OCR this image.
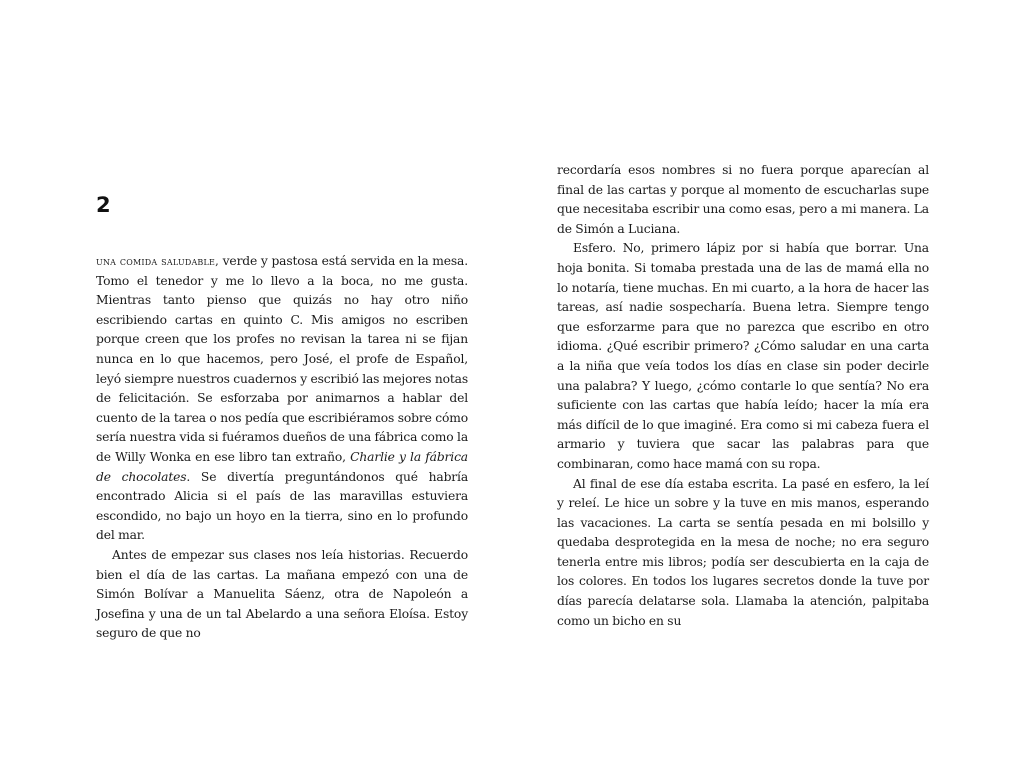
2

una comida saludable, verde y pastosa está servida en la mesa. Tomo el tenedor y me lo llevo a la boca, no me gusta. Mientras tanto pienso que quizás no hay otro niño escribiendo cartas en quinto C. Mis amigos no escriben porque creen que los profes no revisan la tarea ni se fijan nunca en lo que hacemos, pero José, el profe de Español, leyó siempre nuestros cuadernos y escribió las mejores notas de felicitación. Se esforzaba por animarnos a hablar del cuento de la tarea o nos pedía que escribiéramos sobre cómo sería nuestra vida si fuéramos dueños de una fábrica como la de Willy Wonka en ese libro tan extraño, Charlie y la fábrica de chocolates. Se divertía preguntándonos qué habría encontrado Alicia si el país de las maravillas estuviera escondido, no bajo un hoyo en la tierra, sino en lo profundo del mar.

Antes de empezar sus clases nos leía historias. Recuerdo bien el día de las cartas. La mañana empezó con una de Simón Bolívar a Manuelita Sáenz, otra de Napoleón a Josefina y una de un tal Abelardo a una señora Eloísa. Estoy seguro de que no

recordaría esos nombres si no fuera porque aparecían al final de las cartas y porque al momento de escucharlas supe que necesitaba escribir una como esas, pero a mi manera. La de Simón a Luciana.

Esfero. No, primero lápiz por si había que borrar. Una hoja bonita. Si tomaba prestada una de las de mamá ella no lo notaría, tiene muchas. En mi cuarto, a la hora de hacer las tareas, así nadie sospecharía. Buena letra. Siempre tengo que esforzarme para que no parezca que escribo en otro idioma. ¿Qué escribir primero? ¿Cómo saludar en una carta a la niña que veía todos los días en clase sin poder decirle una palabra? Y luego, ¿cómo contarle lo que sentía? No era suficiente con las cartas que había leído; hacer la mía era más difícil de lo que imaginé. Era como si mi cabeza fuera el armario y tuviera que sacar las palabras para que combinaran, como hace mamá con su ropa.

Al final de ese día estaba escrita. La pasé en esfero, la leí y releí. Le hice un sobre y la tuve en mis manos, esperando las vacaciones. La carta se sentía pesada en mi bolsillo y quedaba desprotegida en la mesa de noche; no era seguro tenerla entre mis libros; podía ser descubierta en la caja de los colores. En todos los lugares secretos donde la tuve por días parecía delatarse sola. Llamaba la atención, palpitaba como un bicho en su
